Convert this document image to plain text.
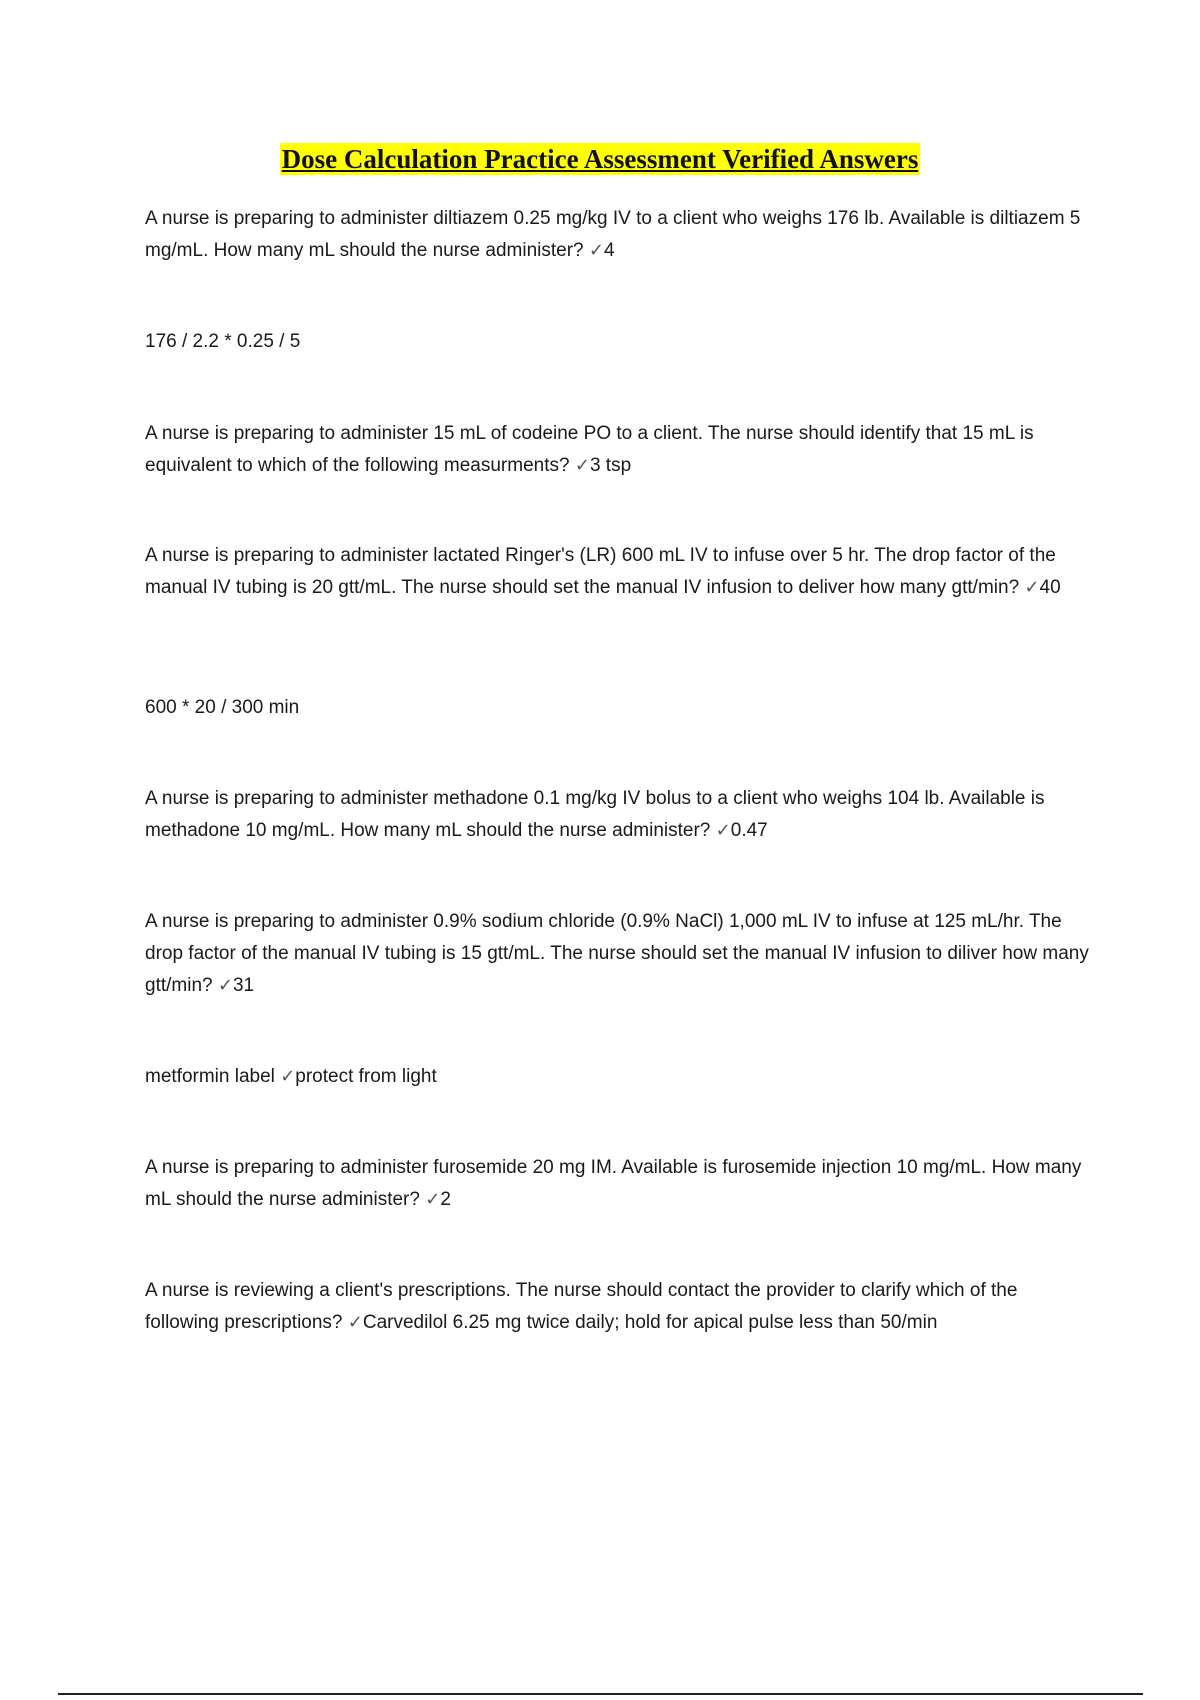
Dose Calculation Practice Assessment Verified Answers
A nurse is preparing to administer diltiazem 0.25 mg/kg IV to a client who weighs 176 lb. Available is diltiazem 5 mg/mL. How many mL should the nurse administer? ✓4
176 / 2.2 * 0.25 / 5
A nurse is preparing to administer 15 mL of codeine PO to a client. The nurse should identify that 15 mL is equivalent to which of the following measurments? ✓3 tsp
A nurse is preparing to administer lactated Ringer's (LR) 600 mL IV to infuse over 5 hr. The drop factor of the manual IV tubing is 20 gtt/mL. The nurse should set the manual IV infusion to deliver how many gtt/min? ✓40
600 * 20 / 300 min
A nurse is preparing to administer methadone 0.1 mg/kg IV bolus to a client who weighs 104 lb. Available is methadone 10 mg/mL. How many mL should the nurse administer? ✓0.47
A nurse is preparing to administer 0.9% sodium chloride (0.9% NaCl) 1,000 mL IV to infuse at 125 mL/hr. The drop factor of the manual IV tubing is 15 gtt/mL. The nurse should set the manual IV infusion to diliver how many gtt/min? ✓31
metformin label ✓protect from light
A nurse is preparing to administer furosemide 20 mg IM. Available is furosemide injection 10 mg/mL. How many mL should the nurse administer? ✓2
A nurse is reviewing a client's prescriptions. The nurse should contact the provider to clarify which of the following prescriptions? ✓Carvedilol 6.25 mg twice daily; hold for apical pulse less than 50/min
